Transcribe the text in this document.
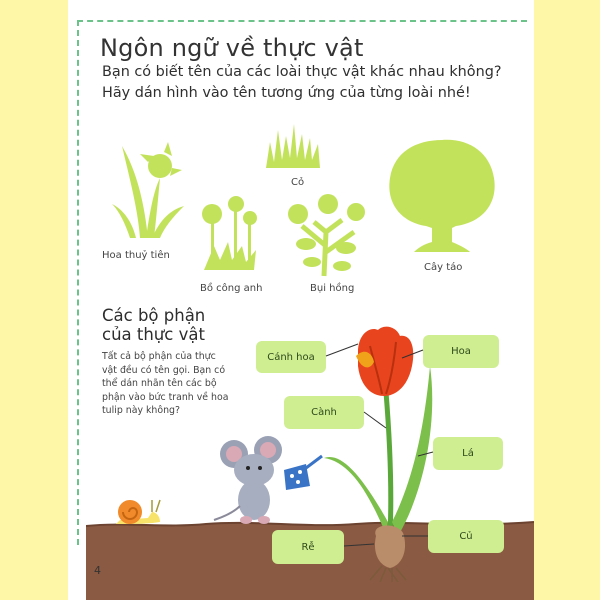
Ngôn ngữ về thực vật
Bạn có biết tên của các loài thực vật khác nhau không? Hãy dán hình vào tên tương ứng của từng loài nhé!
Cỏ
Hoa thuỷ tiên
Bồ công anh	Bụi hồng
Cây táo
Các bộ phận
của thực vật
Tất cả bộ phận của thực vật đều có tên gọi. Bạn có thể dán nhãn tên các bộ phận vào bức tranh về hoa tulip này không?
Cánh hoa	Hoa
Cành
Lá
Rễ
Củ
4
